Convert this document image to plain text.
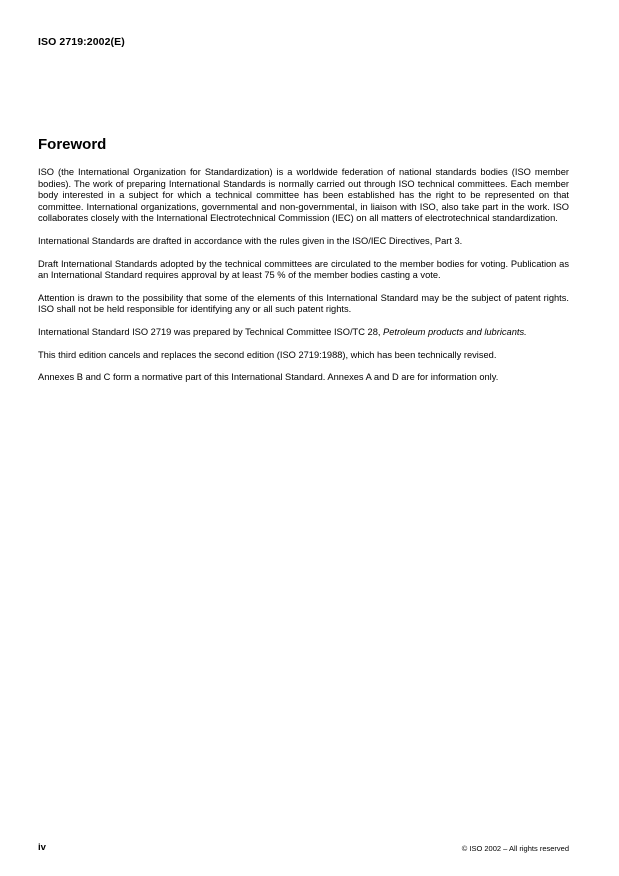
ISO 2719:2002(E)
Foreword

ISO (the International Organization for Standardization) is a worldwide federation of national standards bodies (ISO member bodies). The work of preparing International Standards is normally carried out through ISO technical committees. Each member body interested in a subject for which a technical committee has been established has the right to be represented on that committee. International organizations, governmental and non-governmental, in liaison with ISO, also take part in the work. ISO collaborates closely with the International Electrotechnical Commission (IEC) on all matters of electrotechnical standardization.

International Standards are drafted in accordance with the rules given in the ISO/IEC Directives, Part 3.

Draft International Standards adopted by the technical committees are circulated to the member bodies for voting. Publication as an International Standard requires approval by at least 75 % of the member bodies casting a vote.

Attention is drawn to the possibility that some of the elements of this International Standard may be the subject of patent rights. ISO shall not be held responsible for identifying any or all such patent rights.

International Standard ISO 2719 was prepared by Technical Committee ISO/TC 28, Petroleum products and lubricants.

This third edition cancels and replaces the second edition (ISO 2719:1988), which has been technically revised.

Annexes B and C form a normative part of this International Standard. Annexes A and D are for information only.

iv	© ISO 2002 – All rights reserved
